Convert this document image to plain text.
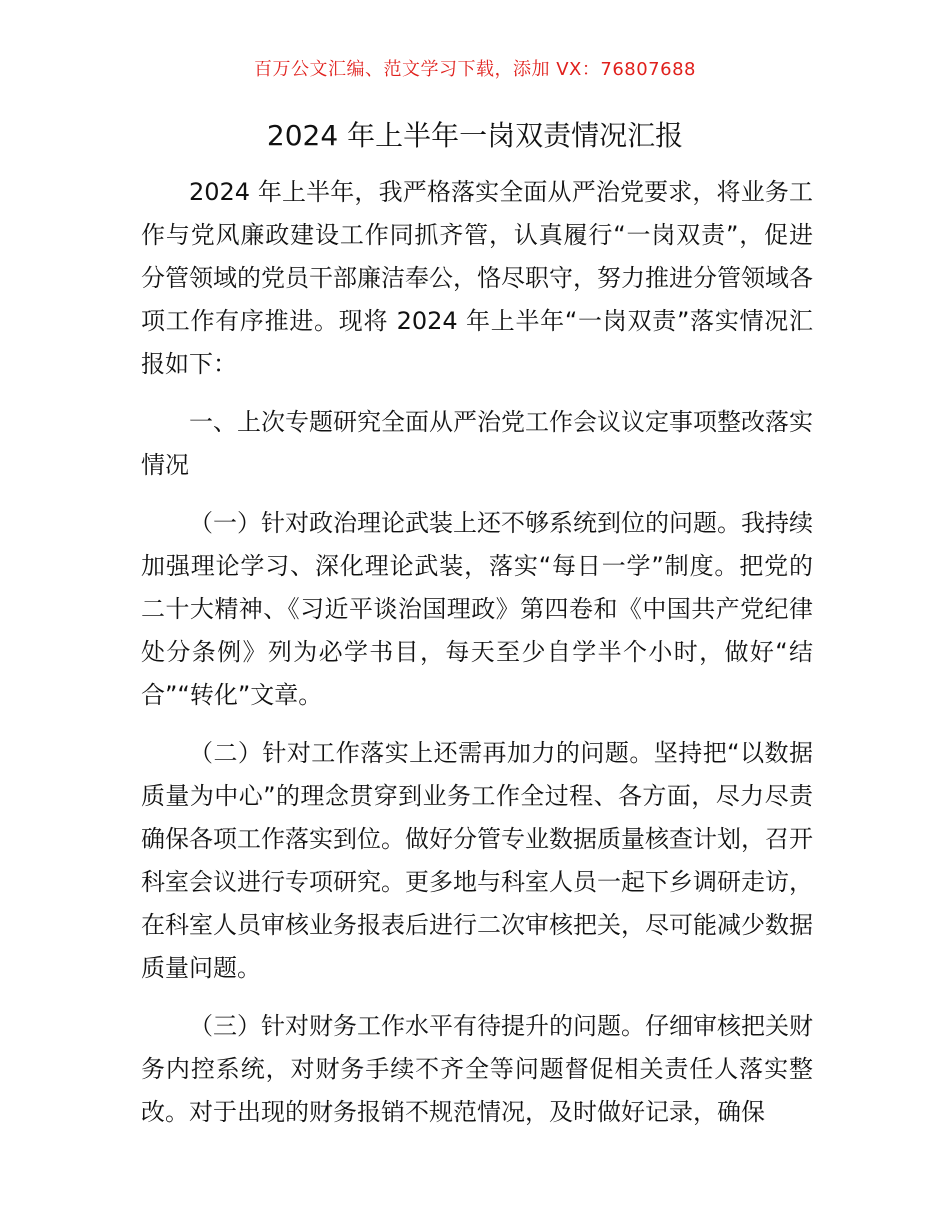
百万公文汇编、范文学习下载，添加 VX：76807688
2024 年上半年一岗双责情况汇报

2024 年上半年，我严格落实全面从严治党要求，将业务工作与党风廉政建设工作同抓齐管，认真履行“一岗双责”，促进分管领域的党员干部廉洁奉公，恪尽职守，努力推进分管领域各项工作有序推进。现将 2024 年上半年“一岗双责”落实情况汇报如下：

一、上次专题研究全面从严治党工作会议议定事项整改落实情况

（一）针对政治理论武装上还不够系统到位的问题。我持续加强理论学习、深化理论武装，落实“每日一学”制度。把党的二十大精神、《习近平谈治国理政》第四卷和《中国共产党纪律处分条例》列为必学书目，每天至少自学半个小时，做好“结合”“转化”文章。

（二）针对工作落实上还需再加力的问题。坚持把“以数据质量为中心”的理念贯穿到业务工作全过程、各方面，尽力尽责确保各项工作落实到位。做好分管专业数据质量核查计划，召开科室会议进行专项研究。更多地与科室人员一起下乡调研走访，在科室人员审核业务报表后进行二次审核把关，尽可能减少数据质量问题。

（三）针对财务工作水平有待提升的问题。仔细审核把关财务内控系统，对财务手续不齐全等问题督促相关责任人落实整改。对于出现的财务报销不规范情况，及时做好记录，确保
